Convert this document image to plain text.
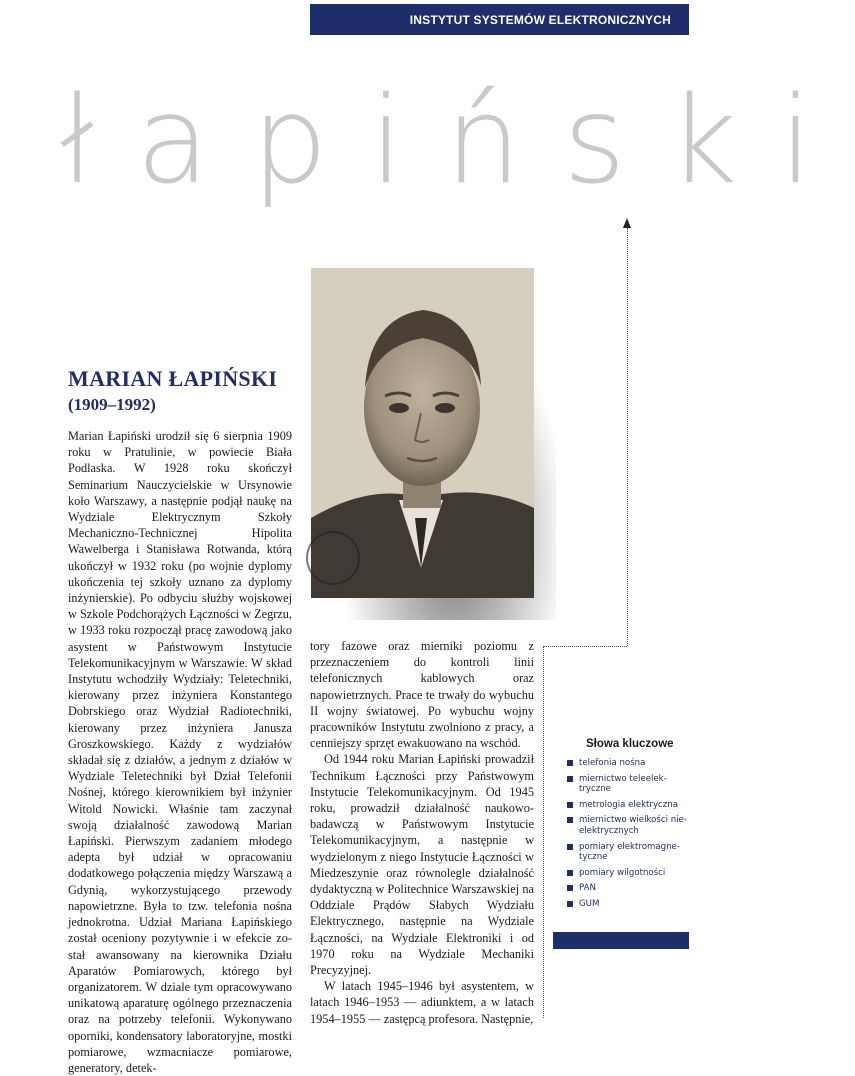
INSTYTUT SYSTEMÓW ELEKTRONICZNYCH
łapiński
MARIAN ŁAPIŃSKI
(1909–1992)

Marian Łapiński urodził się 6 sierpnia 1909 roku w Pratulinie, w powiecie Biała Podlaska. W 1928 roku skończył Seminarium Nauczycielskie w Ursynowie koło Warszawy, a następnie podjął naukę na Wydziale Elektrycznym Szkoły Mechaniczno-Technicznej Hipolita Wawelberga i Stanisława Rotwanda, którą ukończył w 1932 roku (po wojnie dyplomy ukończenia tej szkoły uznano za dyplomy inżynierskie). Po odbyciu służby wojskowej w Szkole Podchorążych Łączności w Zegrzu, w 1933 roku rozpoczął pracę zawodową jako asystent w Państwowym Instytucie Telekomunikacyjnym w Warszawie. W skład Instytutu wchodziły Wydziały: Teletechniki, kierowany przez inżyniera Konstantego Dobrskiego oraz Wydział Radiotechniki, kierowany przez inżyniera Janusza Groszkowskiego. Każdy z wydziałów składał się z działów, a jednym z działów w Wydziale Teletechniki był Dział Telefonii Nośnej, którego kierownikiem był inżynier Witold Nowicki. Właśnie tam zaczynał swoją działalność zawodową Marian Łapiński. Pierwszym zadaniem młodego adepta był udział w opracowaniu dodatkowego połączenia między Warszawą a Gdynią, wykorzystującego przewody napowietrzne. Była to tzw. telefonia nośna jednokrotna. Udział Mariana Łapińskiego został oceniony pozytywnie i w efekcie został awansowany na kierownika Działu Aparatów Pomiarowych, którego był organizatorem. W dziale tym opracowywano unikatową aparaturę ogólnego przeznaczenia oraz na potrzeby telefonii. Wykonywano oporniki, kondensatory laboratoryjne, mostki pomiarowe, wzmacniacze pomiarowe, generatory, detek-

tory fazowe oraz mierniki poziomu z przeznaczeniem do kontroli linii telefonicznych kablowych oraz napowietrznych. Prace te trwały do wybuchu II wojny światowej. Po wybuchu wojny pracowników Instytutu zwolniono z pracy, a cenniejszy sprzęt ewakuowano na wschód.

Od 1944 roku Marian Łapiński prowadził Technikum Łączności przy Państwowym Instytucie Telekomunikacyjnym. Od 1945 roku, prowadził działalność naukowo-badawczą w Państwowym Instytucie Telekomunikacyjnym, a następnie w wydzielonym z niego Instytucie Łączności w Miedzeszynie oraz równolegle działalność dydaktyczną w Politechnice Warszawskiej na Oddziale Prądów Słabych Wydziału Elektrycznego, następnie na Wydziale Łączności, na Wydziale Elektroniki i od 1970 roku na Wydziale Mechaniki Precyzyjnej.

W latach 1945–1946 był asystentem, w latach 1946–1953 — adiunktem, a w latach 1954–1955 — zastępcą profesora. Następnie,

Słowa kluczowe
telefonia nośna
miernictwo teleelektryczne
metrologia elektryczna
miernictwo wielkości nieelektrycznych
pomiary elektromagnetyczne
pomiary wilgotności
PAN
GUM
